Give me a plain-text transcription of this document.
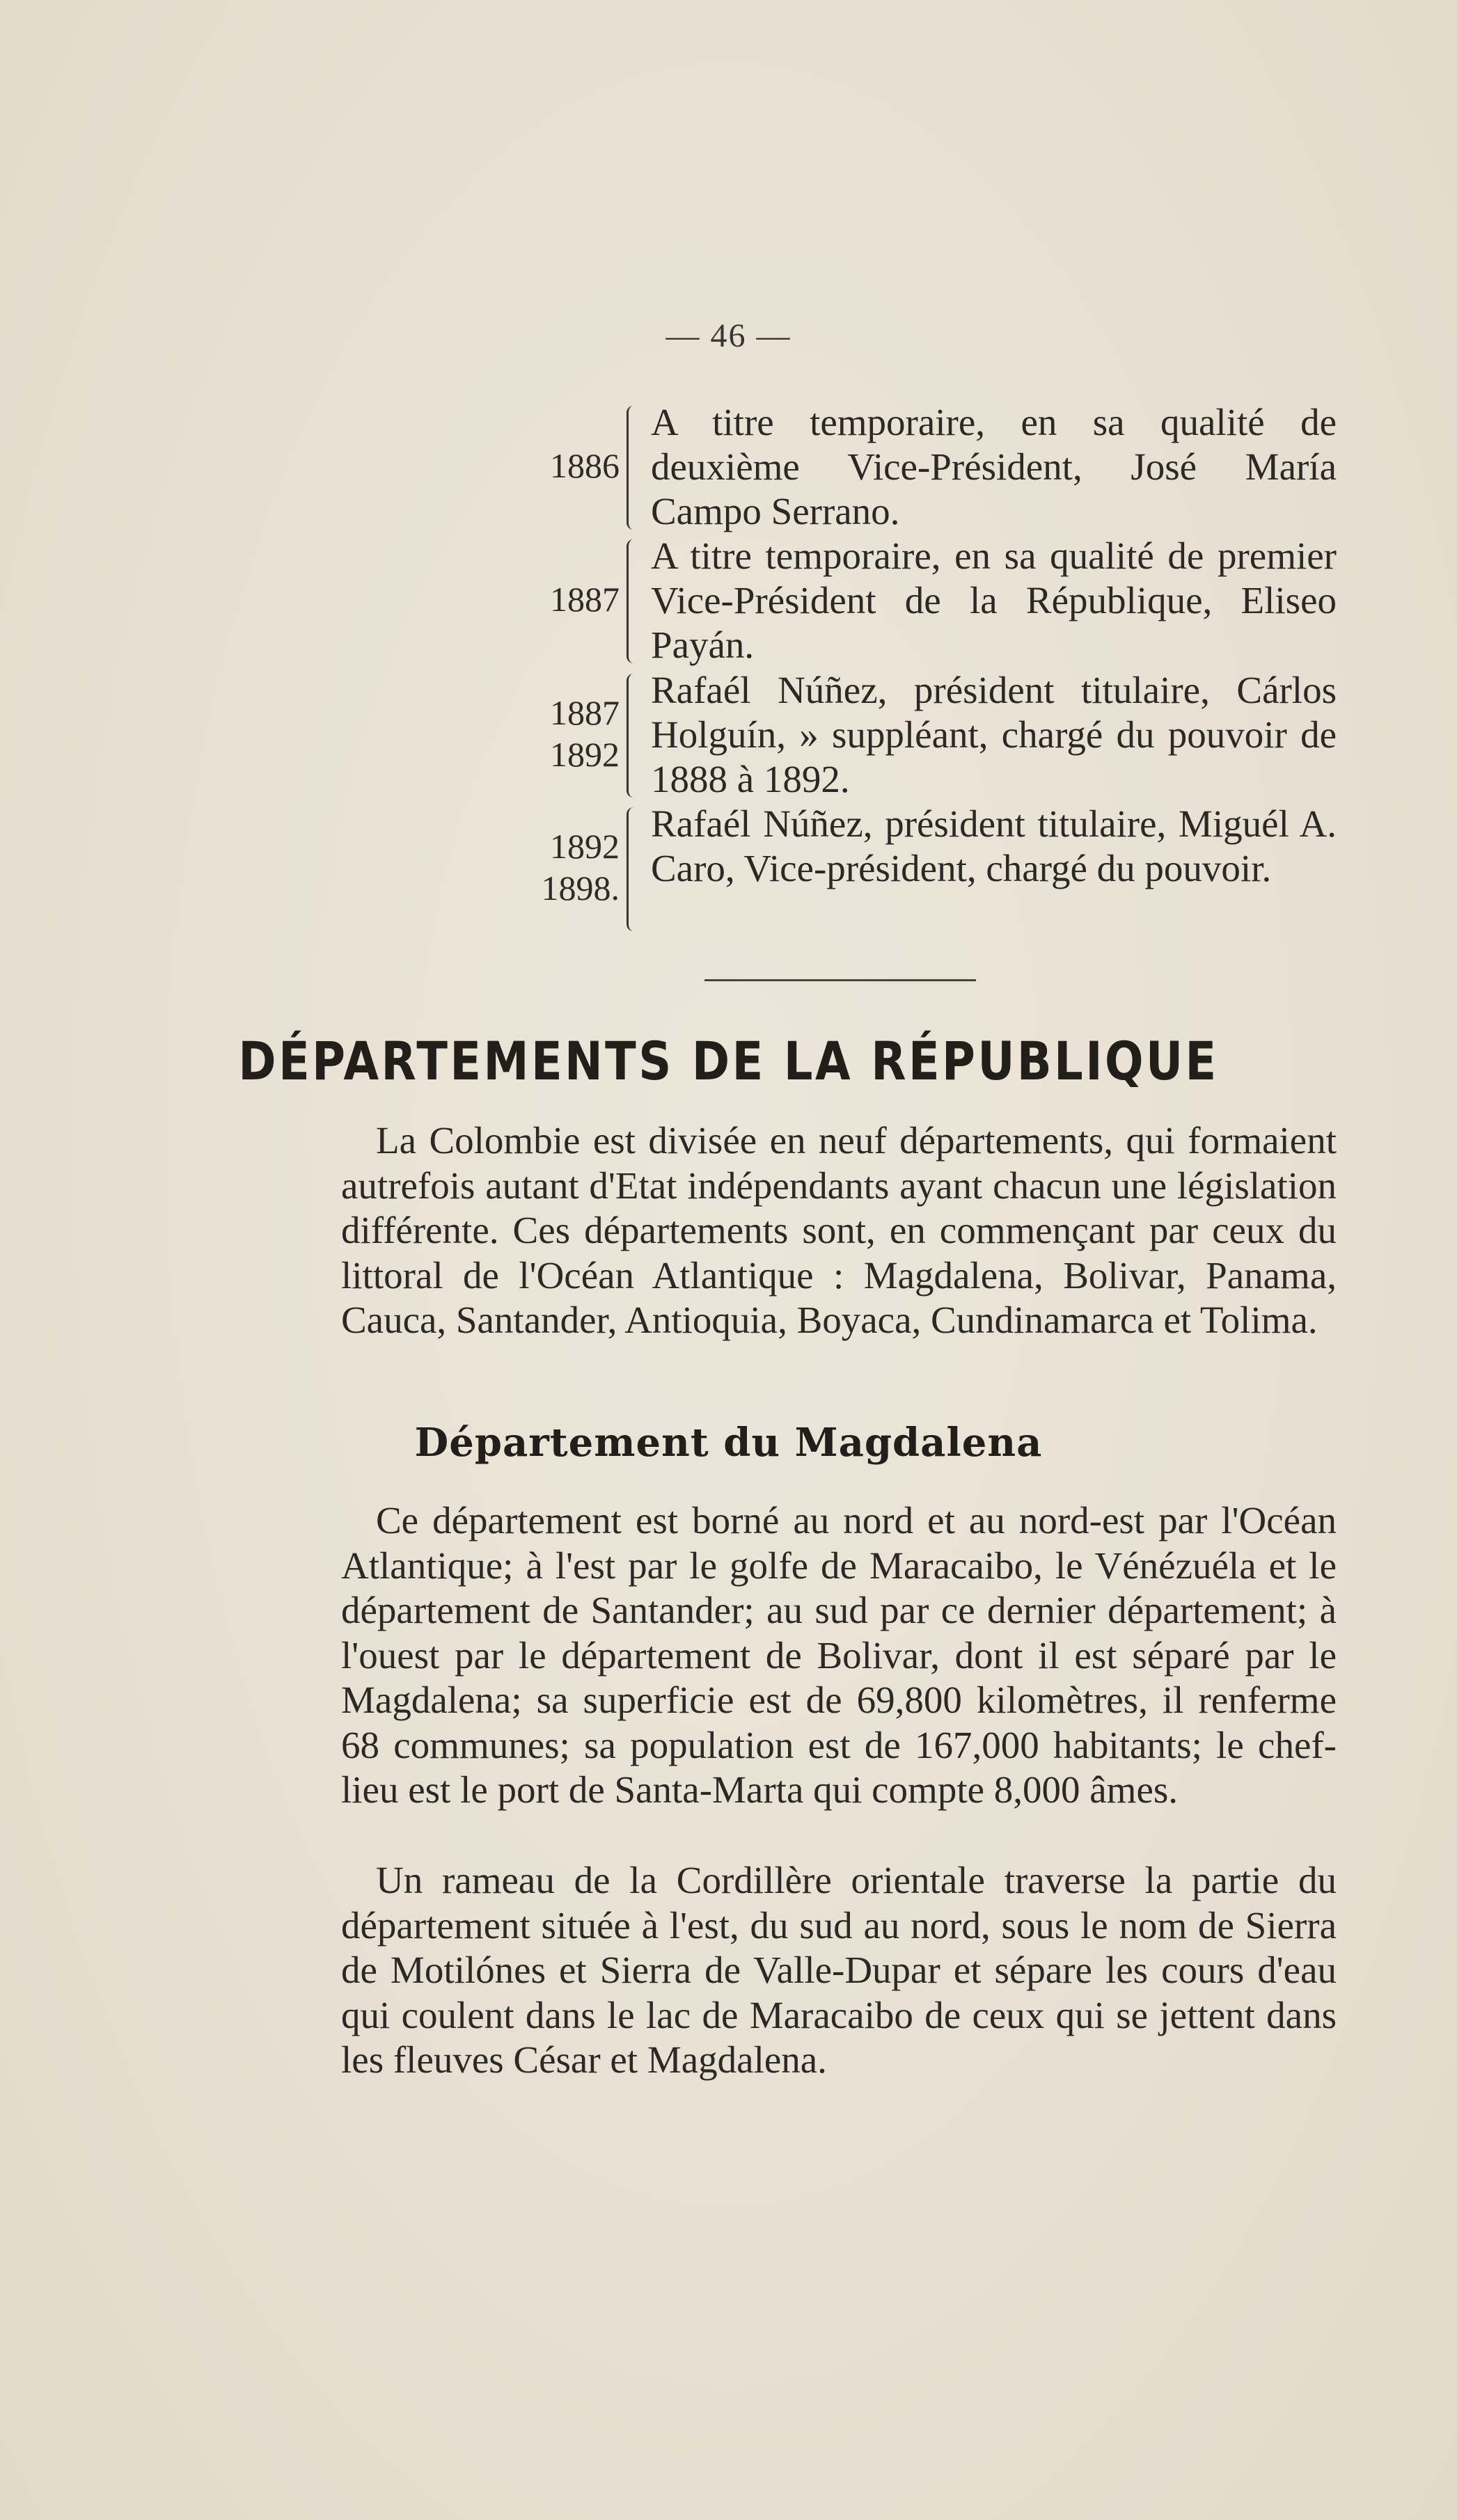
— 46 —
1886
A titre temporaire, en sa qualité de deuxième Vice-Président, José María Campo Serrano.
1887
A titre temporaire, en sa qualité de premier Vice-Président de la République, Eliseo Payán.
1887
1892
Rafaél Núñez, président titulaire, Cárlos Holguín, » suppléant, chargé du pouvoir de 1888 à 1892.
1892
1898.
Rafaél Núñez, président titulaire, Miguél A. Caro, Vice-président, chargé du pouvoir.
DÉPARTEMENTS DE LA RÉPUBLIQUE

La Colombie est divisée en neuf départements, qui formaient autrefois autant d'Etat indépendants ayant chacun une législation différente. Ces départements sont, en commençant par ceux du littoral de l'Océan Atlantique : Magdalena, Bolivar, Panama, Cauca, Santander, Antioquia, Boyaca, Cundinamarca et Tolima.

Département du Magdalena

Ce département est borné au nord et au nord-est par l'Océan Atlantique; à l'est par le golfe de Maracaibo, le Vénézuéla et le département de Santander; au sud par ce dernier département; à l'ouest par le département de Bolivar, dont il est séparé par le Magdalena; sa superficie est de 69,800 kilomètres, il renferme 68 communes; sa population est de 167,000 habitants; le chef-lieu est le port de Santa-Marta qui compte 8,000 âmes.

Un rameau de la Cordillère orientale traverse la partie du département située à l'est, du sud au nord, sous le nom de Sierra de Motilónes et Sierra de Valle-Dupar et sépare les cours d'eau qui coulent dans le lac de Maracaibo de ceux qui se jettent dans les fleuves César et Magdalena.
